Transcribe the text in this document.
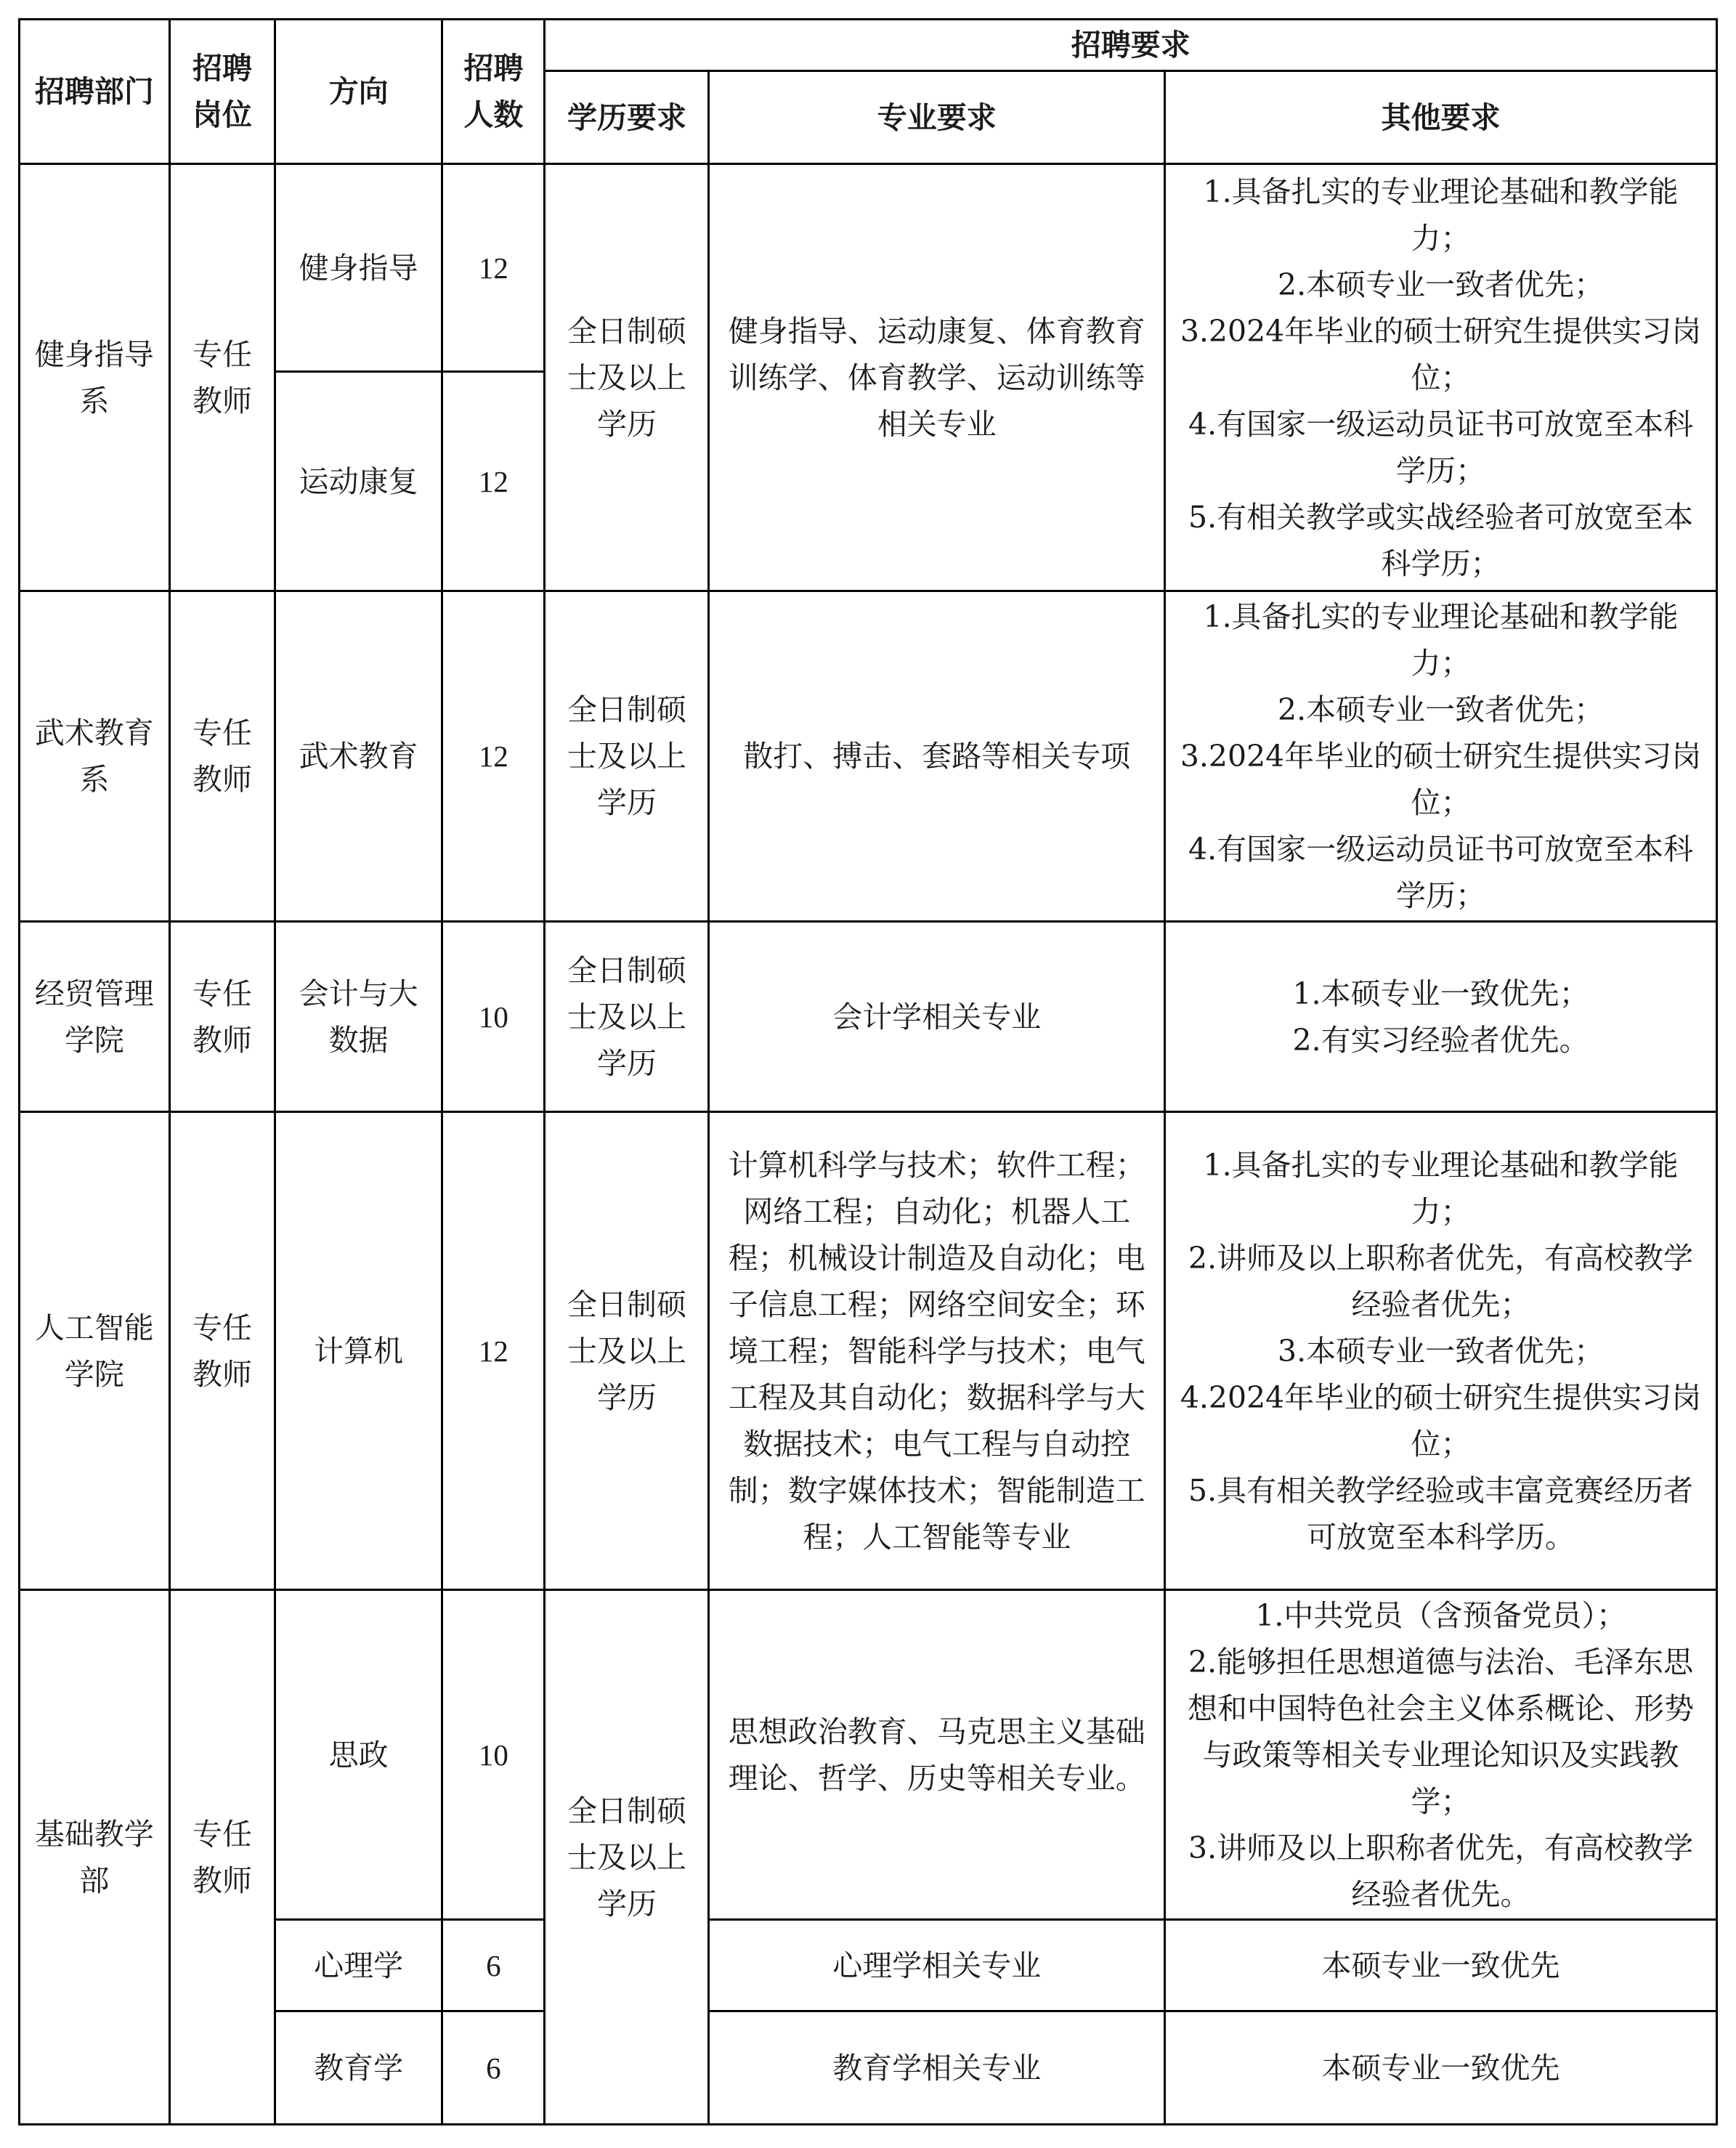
招聘部门	招聘岗位	方向	招聘人数	招聘要求		
				学历要求	专业要求	其他要求
健身指导系	专任教师	健身指导	12	全日制硕士及以上学历	健身指导、运动康复、体育教育训练学、体育教学、运动训练等相关专业	1.具备扎实的专业理论基础和教学能力；
2.本硕专业一致者优先；
3.2024年毕业的硕士研究生提供实习岗位；
4.有国家一级运动员证书可放宽至本科学历；
5.有相关教学或实战经验者可放宽至本科学历；

		运动康复	12			
武术教育系	专任教师	武术教育	12	全日制硕士及以上学历	散打、搏击、套路等相关专项	1.具备扎实的专业理论基础和教学能力；
2.本硕专业一致者优先；
3.2024年毕业的硕士研究生提供实习岗位；
4.有国家一级运动员证书可放宽至本科学历；

经贸管理学院	专任教师	会计与大数据	10	全日制硕士及以上学历	会计学相关专业	1.本硕专业一致优先；
2.有实习经验者优先。

人工智能学院	专任教师	计算机	12	全日制硕士及以上学历	计算机科学与技术；软件工程；网络工程；自动化；机器人工程；机械设计制造及自动化；电子信息工程；网络空间安全；环境工程；智能科学与技术；电气工程及其自动化；数据科学与大数据技术；电气工程与自动控制；数字媒体技术；智能制造工程；人工智能等专业	1.具备扎实的专业理论基础和教学能力；
2.讲师及以上职称者优先，有高校教学经验者优先；
3.本硕专业一致者优先；
4.2024年毕业的硕士研究生提供实习岗位；
5.具有相关教学经验或丰富竞赛经历者可放宽至本科学历。

基础教学部	专任教师	思政	10	全日制硕士及以上学历	思想政治教育、马克思主义基础理论、哲学、历史等相关专业。	1.中共党员（含预备党员）；
2.能够担任思想道德与法治、毛泽东思想和中国特色社会主义体系概论、形势与政策等相关专业理论知识及实践教学；
3.讲师及以上职称者优先，有高校教学经验者优先。

		心理学	6		心理学相关专业	本硕专业一致优先
		教育学	6		教育学相关专业	本硕专业一致优先
